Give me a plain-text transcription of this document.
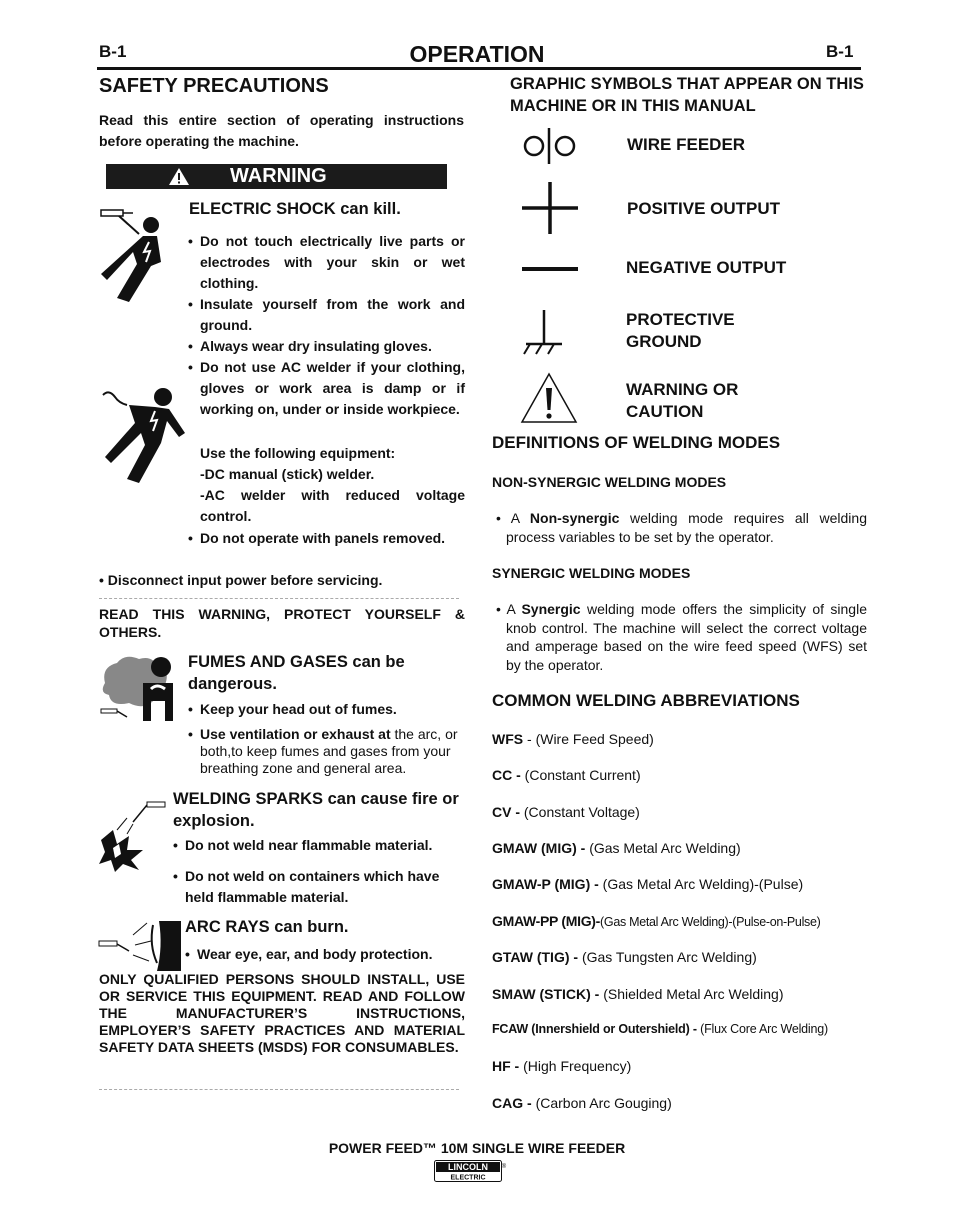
B-1	OPERATION	B-1
SAFETY PRECAUTIONS
Read this entire section of operating instructions before operating the machine.
WARNING
ELECTRIC SHOCK can kill.
• Do not touch electrically live parts or electrodes with your skin or wet clothing.
• Insulate yourself from the work and ground.
• Always wear dry insulating gloves.
• Do not use AC welder if your clothing, gloves or work area is damp or if working on, under or inside workpiece.
Use the following equipment:
-DC manual (stick) welder.
-AC welder with reduced voltage control.
• Do not operate with panels removed.
• Disconnect input power before servicing.
READ THIS WARNING, PROTECT YOURSELF & OTHERS.
FUMES AND GASES can be dangerous.
• Keep your head out of fumes.
• Use ventilation or exhaust at the arc, or both,to keep fumes and gases from your breathing zone and general area.
WELDING SPARKS can cause fire or explosion.
• Do not weld near flammable material.
• Do not weld on containers which have held flammable material.
ARC RAYS can burn.
• Wear eye, ear, and body protection.
ONLY QUALIFIED PERSONS SHOULD INSTALL, USE OR SERVICE THIS EQUIPMENT. READ AND FOLLOW THE MANUFACTURER’S INSTRUCTIONS, EMPLOYER’S SAFETY PRACTICES AND MATERIAL SAFETY DATA SHEETS (MSDS) FOR CONSUMABLES.
GRAPHIC SYMBOLS THAT APPEAR ON THIS MACHINE OR IN THIS MANUAL
WIRE FEEDER
POSITIVE OUTPUT
NEGATIVE OUTPUT
PROTECTIVE
GROUND
WARNING OR
CAUTION
DEFINITIONS OF WELDING MODES
NON-SYNERGIC WELDING MODES
• A Non-synergic welding mode requires all welding process variables to be set by the operator.
SYNERGIC WELDING MODES
• A Synergic welding mode offers the simplicity of single knob control. The machine will select the correct voltage and amperage based on the wire feed speed (WFS) set by the operator.
COMMON WELDING ABBREVIATIONS
WFS - (Wire Feed Speed)
CC - (Constant Current)
CV - (Constant Voltage)
GMAW (MIG) - (Gas Metal Arc Welding)
GMAW-P (MIG) - (Gas Metal Arc Welding)-(Pulse)
GMAW-PP (MIG)-(Gas Metal Arc Welding)-(Pulse-on-Pulse)
GTAW (TIG) - (Gas Tungsten Arc Welding)
SMAW (STICK) - (Shielded Metal Arc Welding)
FCAW (Innershield or Outershield) - (Flux Core Arc Welding)
HF - (High Frequency)
CAG - (Carbon Arc Gouging)
POWER FEED™ 10M SINGLE WIRE FEEDER
LINCOLN
ELECTRIC
®
